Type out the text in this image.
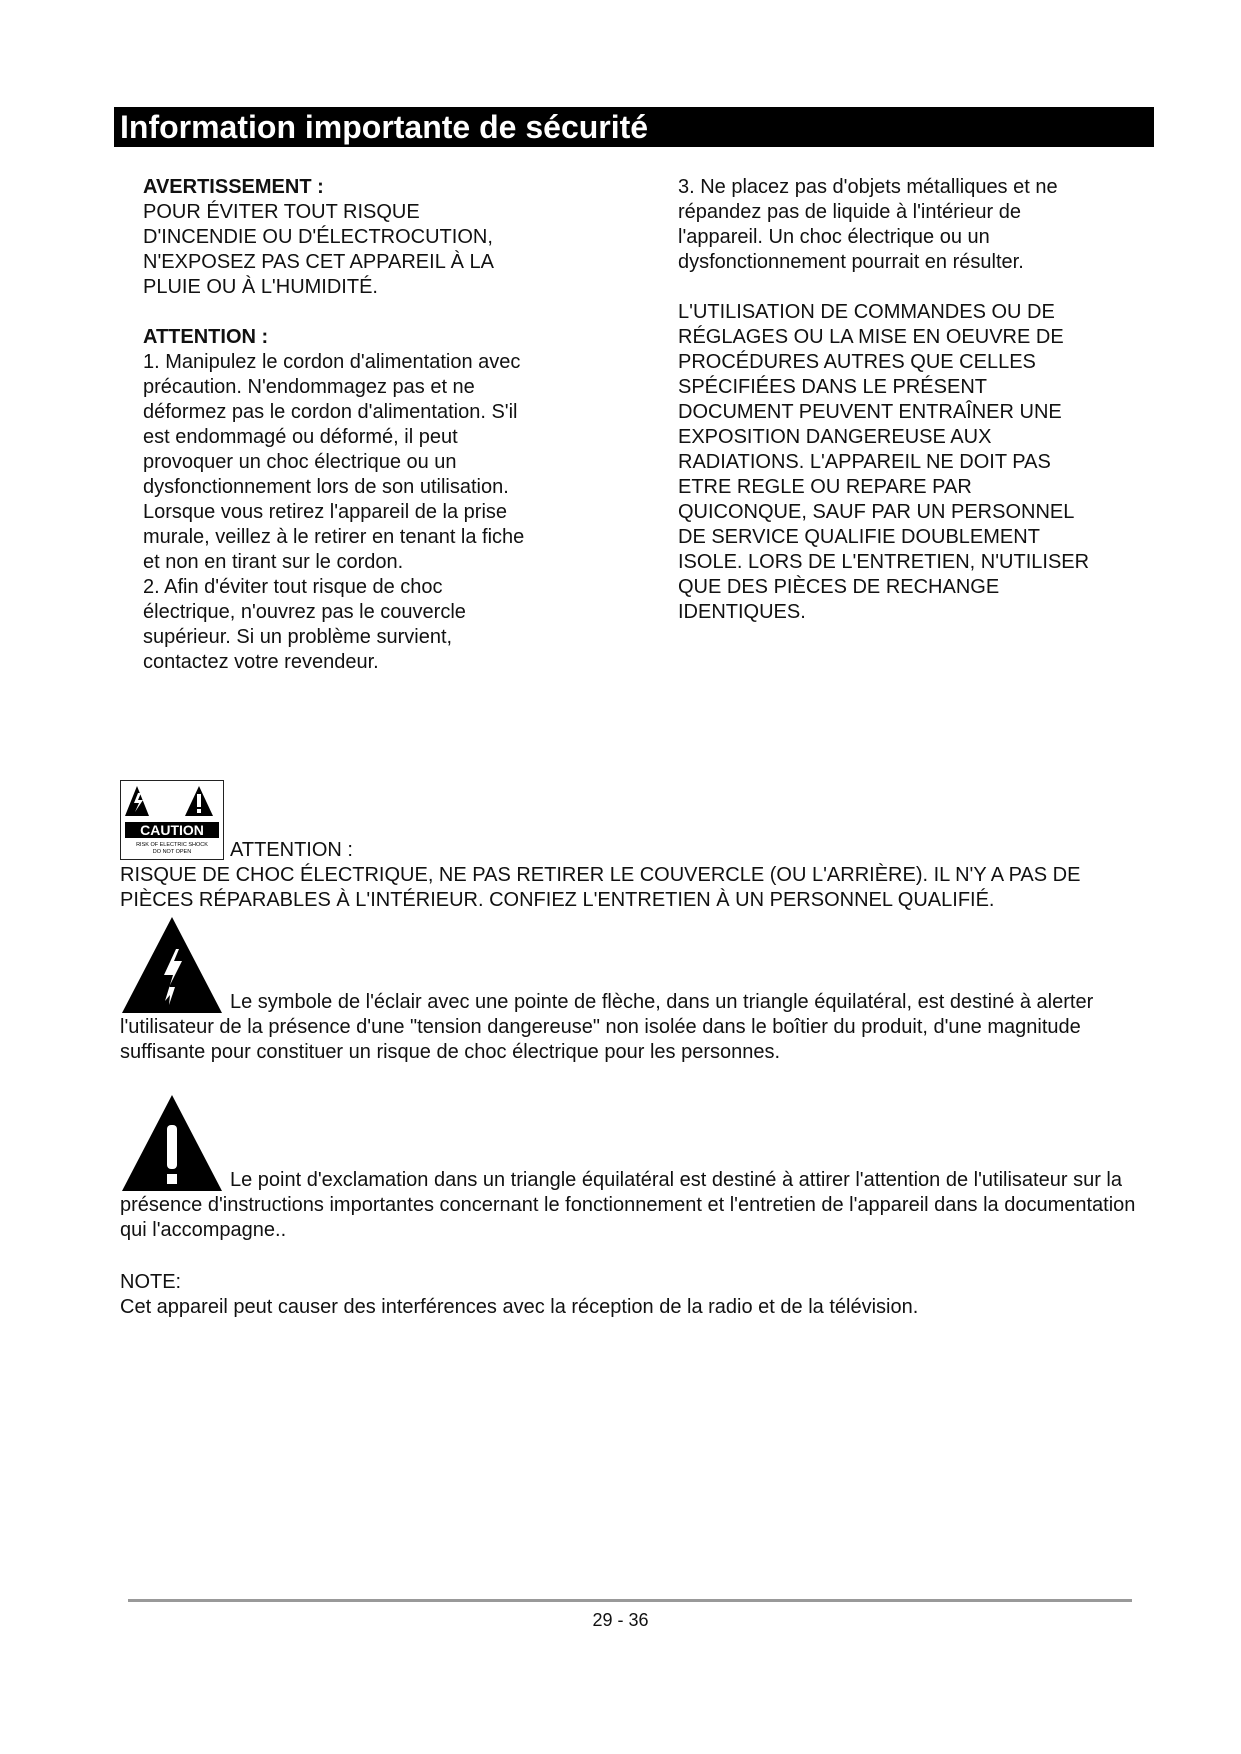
Information importante de sécurité

AVERTISSEMENT :

POUR ÉVITER TOUT RISQUE

D'INCENDIE OU D'ÉLECTROCUTION,

N'EXPOSEZ PAS CET APPAREIL À LA

PLUIE OU À L'HUMIDITÉ.

ATTENTION :

1. Manipulez le cordon d'alimentation avec

précaution. N'endommagez pas et ne

déformez pas le cordon d'alimentation. S'il

est endommagé ou déformé, il peut

provoquer un choc électrique ou un

dysfonctionnement lors de son utilisation.

Lorsque vous retirez l'appareil de la prise

murale, veillez à le retirer en tenant la fiche

et non en tirant sur le cordon.

2. Afin d'éviter tout risque de choc

électrique, n'ouvrez pas le couvercle

supérieur. Si un problème survient,

contactez votre revendeur.

3. Ne placez pas d'objets métalliques et ne

répandez pas de liquide à l'intérieur de

l'appareil. Un choc électrique ou un

dysfonctionnement pourrait en résulter.

L'UTILISATION DE COMMANDES OU DE

RÉGLAGES OU LA MISE EN OEUVRE DE

PROCÉDURES AUTRES QUE CELLES

SPÉCIFIÉES DANS LE PRÉSENT

DOCUMENT PEUVENT ENTRAÎNER UNE

EXPOSITION DANGEREUSE AUX

RADIATIONS. L'APPAREIL NE DOIT PAS

ETRE REGLE OU REPARE PAR

QUICONQUE, SAUF PAR UN PERSONNEL

DE SERVICE QUALIFIE DOUBLEMENT

ISOLE. LORS DE L'ENTRETIEN, N'UTILISER

QUE DES PIÈCES DE RECHANGE

IDENTIQUES.

CAUTION
RISK OF ELECTRIC SHOCK
DO NOT OPEN ATTENTION :
RISQUE DE CHOC ÉLECTRIQUE, NE PAS RETIRER LE COUVERCLE (OU L'ARRIÈRE). IL N'Y A PAS DE PIÈCES RÉPARABLES À L'INTÉRIEUR. CONFIEZ L'ENTRETIEN À UN PERSONNEL QUALIFIÉ.
Le symbole de l'éclair avec une pointe de flèche, dans un triangle équilatéral, est destiné à alerter l'utilisateur de la présence d'une "tension dangereuse" non isolée dans le boîtier du produit, d'une magnitude suffisante pour constituer un risque de choc électrique pour les personnes.
Le point d'exclamation dans un triangle équilatéral est destiné à attirer l'attention de l'utilisateur sur la présence d'instructions importantes concernant le fonctionnement et l'entretien de l'appareil dans la documentation qui l'accompagne..

NOTE:

Cet appareil peut causer des interférences avec la réception de la radio et de la télévision.

29 - 36
